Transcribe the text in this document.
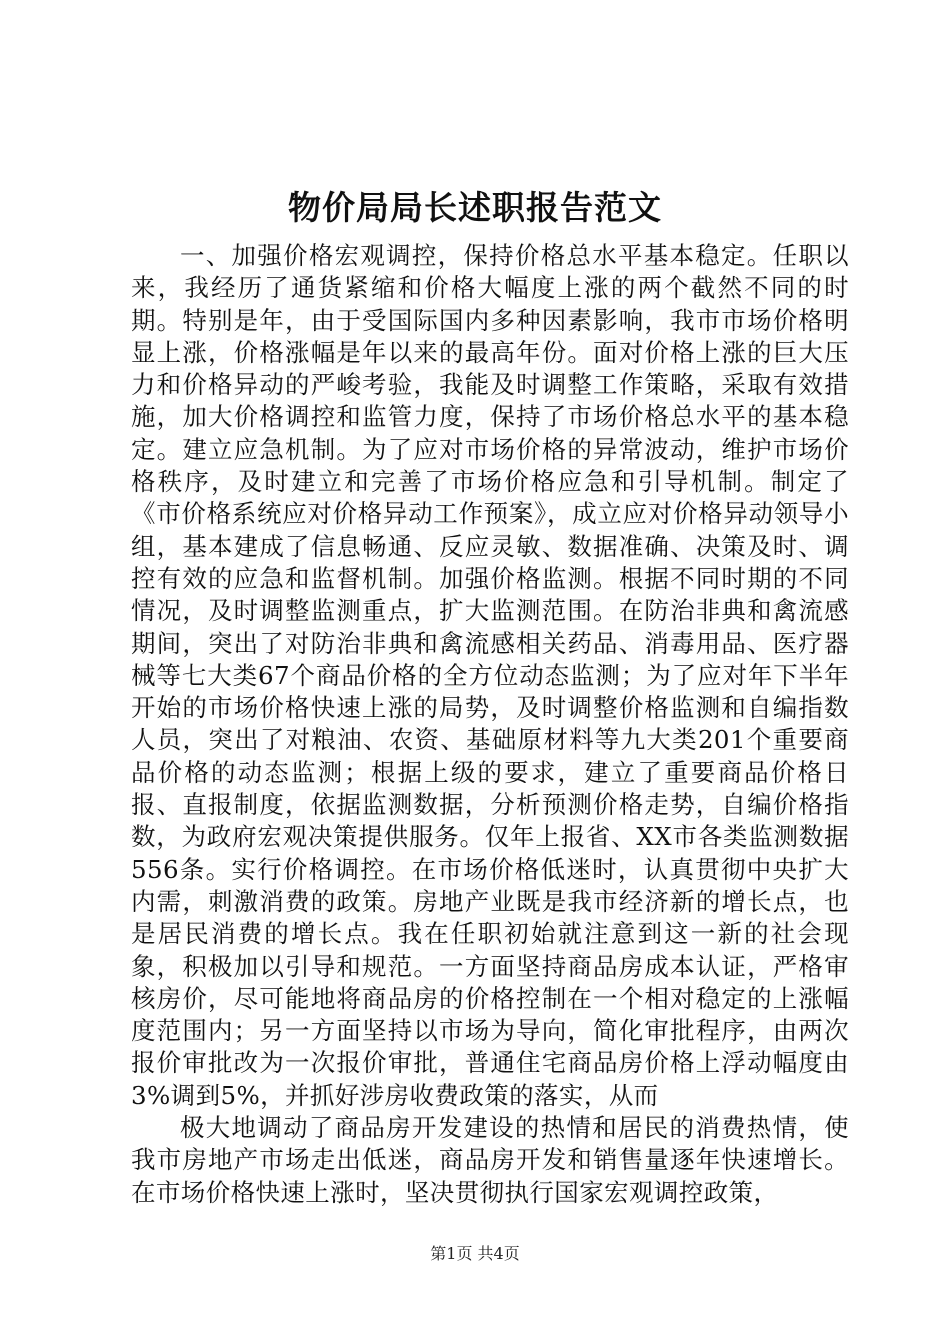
物价局局长述职报告范文

一、加强价格宏观调控，保持价格总水平基本稳定。任职以来，我经历了通货紧缩和价格大幅度上涨的两个截然不同的时期。特别是年，由于受国际国内多种因素影响，我市市场价格明显上涨，价格涨幅是年以来的最高年份。面对价格上涨的巨大压力和价格异动的严峻考验，我能及时调整工作策略，采取有效措施，加大价格调控和监管力度，保持了市场价格总水平的基本稳定。建立应急机制。为了应对市场价格的异常波动，维护市场价格秩序，及时建立和完善了市场价格应急和引导机制。制定了《市价格系统应对价格异动工作预案》，成立应对价格异动领导小组，基本建成了信息畅通、反应灵敏、数据准确、决策及时、调控有效的应急和监督机制。加强价格监测。根据不同时期的不同情况，及时调整监测重点，扩大监测范围。在防治非典和禽流感期间，突出了对防治非典和禽流感相关药品、消毒用品、医疗器械等七大类67个商品价格的全方位动态监测；为了应对年下半年开始的市场价格快速上涨的局势，及时调整价格监测和自编指数人员，突出了对粮油、农资、基础原材料等九大类201个重要商品价格的动态监测；根据上级的要求，建立了重要商品价格日报、直报制度，依据监测数据，分析预测价格走势，自编价格指数，为政府宏观决策提供服务。仅年上报省、XX市各类监测数据556条。实行价格调控。在市场价格低迷时，认真贯彻中央扩大内需，刺激消费的政策。房地产业既是我市经济新的增长点，也是居民消费的增长点。我在任职初始就注意到这一新的社会现象，积极加以引导和规范。一方面坚持商品房成本认证，严格审核房价，尽可能地将商品房的价格控制在一个相对稳定的上涨幅度范围内；另一方面坚持以市场为导向，简化审批程序，由两次报价审批改为一次报价审批，普通住宅商品房价格上浮动幅度由3%调到5%，并抓好涉房收费政策的落实，从而

极大地调动了商品房开发建设的热情和居民的消费热情，使我市房地产市场走出低迷，商品房开发和销售量逐年快速增长。在市场价格快速上涨时，坚决贯彻执行国家宏观调控政策，

第1页 共4页
